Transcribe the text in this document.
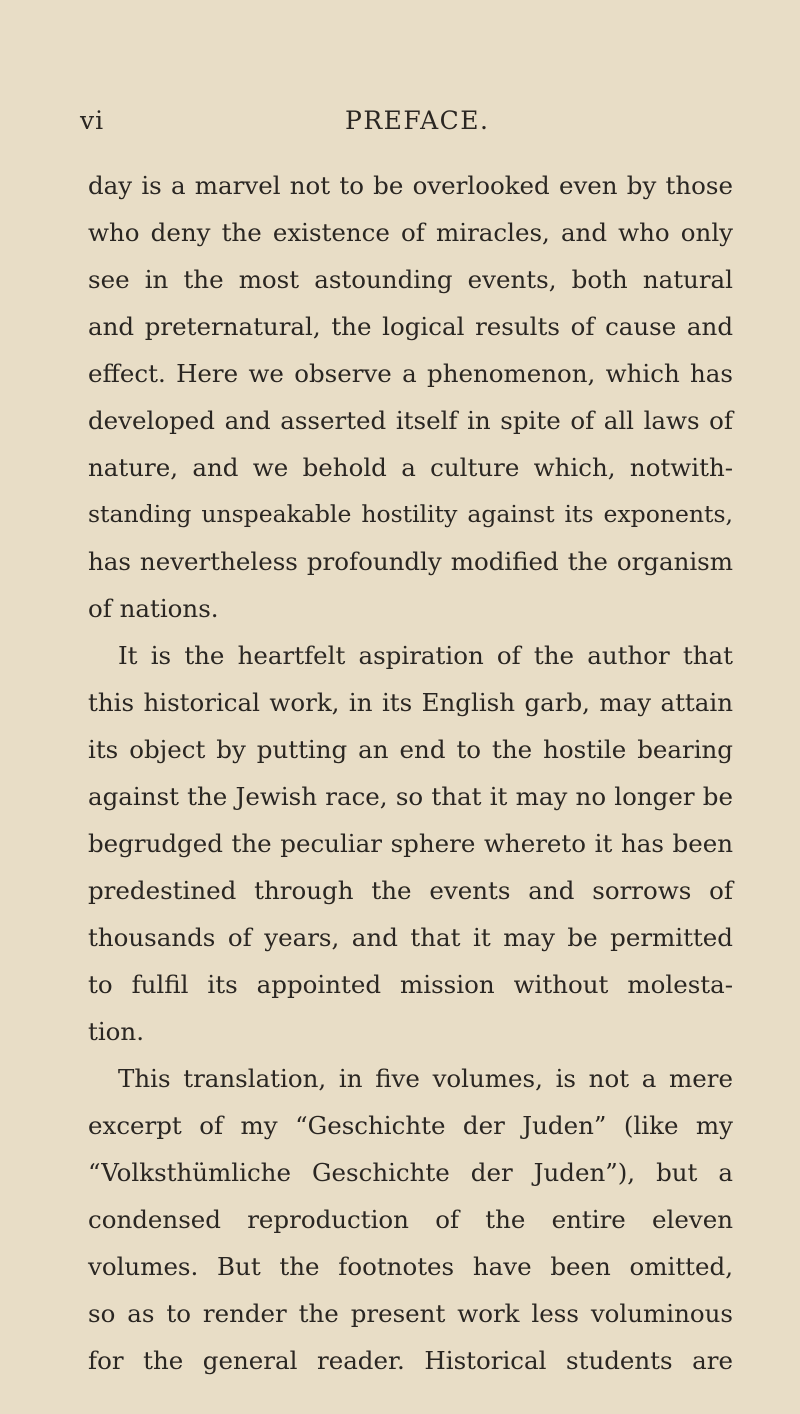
vi	PREFACE.
day is a marvel not to be overlooked even by those
who deny the existence of miracles, and who only
see in the most astounding events, both natural
and preternatural, the logical results of cause and
effect. Here we observe a phenomenon, which has
developed and asserted itself in spite of all laws of
nature, and we behold a culture which, notwith-
standing unspeakable hostility against its exponents,
has nevertheless profoundly modified the organism
of nations.
It is the heartfelt aspiration of the author that
this historical work, in its English garb, may attain
its object by putting an end to the hostile bearing
against the Jewish race, so that it may no longer be
begrudged the peculiar sphere whereto it has been
predestined through the events and sorrows of
thousands of years, and that it may be permitted
to fulfil its appointed mission without molesta-
tion.
This translation, in five volumes, is not a mere
excerpt of my “Geschichte der Juden” (like my
“Volksthümliche Geschichte der Juden”), but a
condensed reproduction of the entire eleven
volumes. But the footnotes have been omitted,
so as to render the present work less voluminous
for the general reader. Historical students are
